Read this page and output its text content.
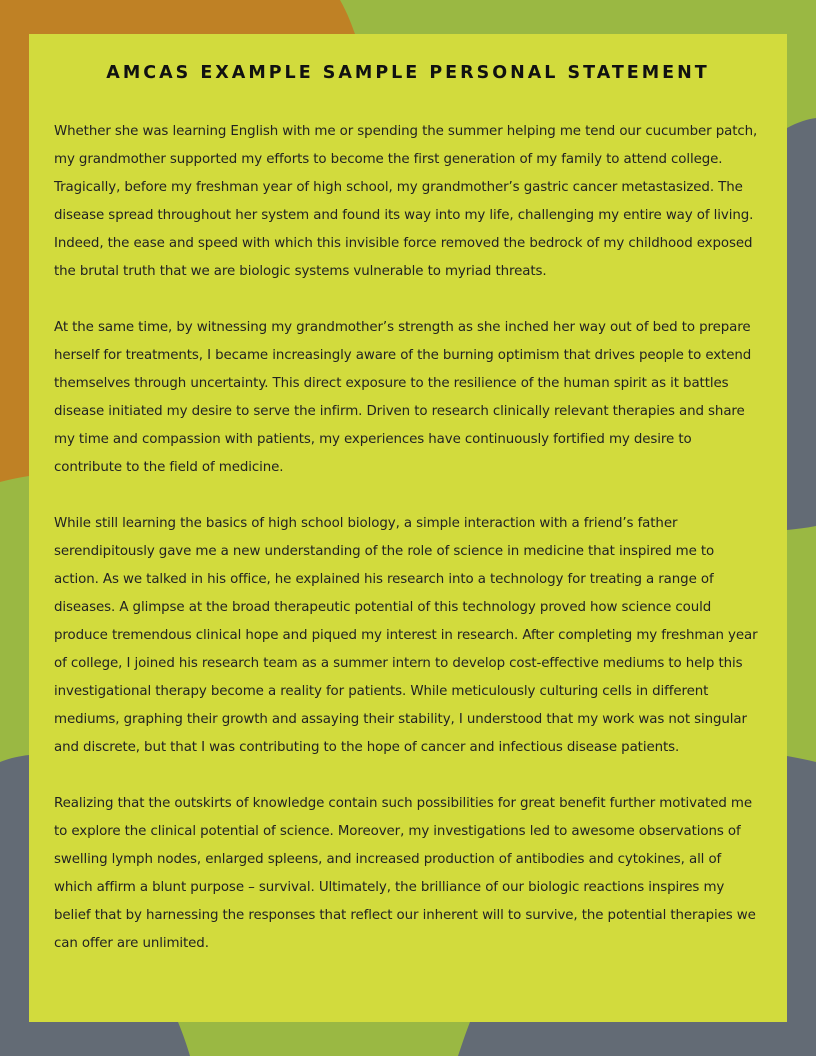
AMCAS EXAMPLE SAMPLE PERSONAL STATEMENT

Whether she was learning English with me or spending the summer helping me tend our cucumber patch, my grandmother supported my efforts to become the first generation of my family to attend college. Tragically, before my freshman year of high school, my grandmother’s gastric cancer metastasized. The disease spread throughout her system and found its way into my life, challenging my entire way of living. Indeed, the ease and speed with which this invisible force removed the bedrock of my childhood exposed the brutal truth that we are biologic systems vulnerable to myriad threats.

At the same time, by witnessing my grandmother’s strength as she inched her way out of bed to prepare herself for treatments, I became increasingly aware of the burning optimism that drives people to extend themselves through uncertainty. This direct exposure to the resilience of the human spirit as it battles disease initiated my desire to serve the infirm. Driven to research clinically relevant therapies and share my time and compassion with patients, my experiences have continuously fortified my desire to contribute to the field of medicine.

While still learning the basics of high school biology, a simple interaction with a friend’s father serendipitously gave me a new understanding of the role of science in medicine that inspired me to action. As we talked in his office, he explained his research into a technology for treating a range of diseases. A glimpse at the broad therapeutic potential of this technology proved how science could produce tremendous clinical hope and piqued my interest in research. After completing my freshman year of college, I joined his research team as a summer intern to develop cost-effective mediums to help this investigational therapy become a reality for patients. While meticulously culturing cells in different mediums, graphing their growth and assaying their stability, I understood that my work was not singular and discrete, but that I was contributing to the hope of cancer and infectious disease patients.

Realizing that the outskirts of knowledge contain such possibilities for great benefit further motivated me to explore the clinical potential of science. Moreover, my investigations led to awesome observations of swelling lymph nodes, enlarged spleens, and increased production of antibodies and cytokines, all of which affirm a blunt purpose – survival. Ultimately, the brilliance of our biologic reactions inspires my belief that by harnessing the responses that reflect our inherent will to survive, the potential therapies we can offer are unlimited.
